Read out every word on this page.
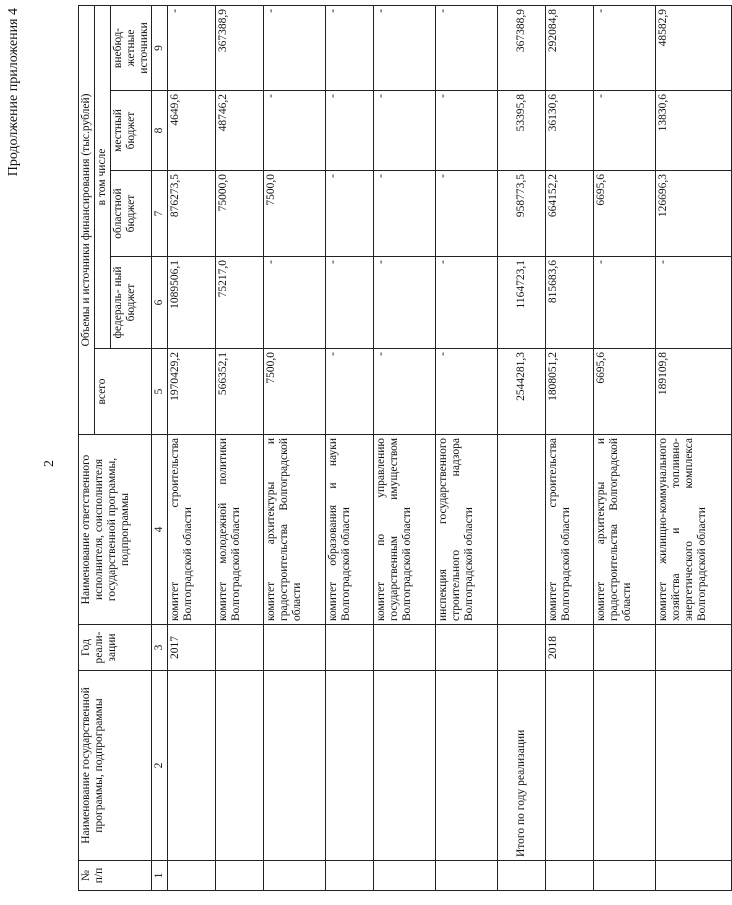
2
Продолжение приложения 4
№ п/п	Наименование государственной программы, подпрограммы	Год реали- зации	Наименование ответственного исполнителя, соисполнителя государственной программы, подпрограммы	Объемы и источники финансирования (тыс.рублей)				
				всего	в том числе			
					федераль- ный бюджет	областной бюджет	местный бюджет	внебюд- жетные источники
1	2	3	4	5	6	7	8	9
		2017	комитет строительства Волгоградской области	1970429,2	1089506,1	876273,5	4649,6	-
			комитет молодежной политики Волгоградской области	566352,1	75217,0	75000,0	48746,2	367388,9
			комитет архитектуры и градостроительства Волгоградской области	7500,0	-	7500,0	-	-
			комитет образования и науки Волгоградской области	-	-	-	-	-
			комитет по управлению государственным имуществом Волгоградской области	-	-	-	-	-
			инспекция государственного строительного надзора Волгоградской области	-	-	-	-	-
	Итого по году реализации			2544281,3	1164723,1	958773,5	53395,8	367388,9
		2018	комитет строительства Волгоградской области	1808051,2	815683,6	664152,2	36130,6	292084,8
			комитет архитектуры и градостроительства Волгоградской области	6695,6	-	6695,6	-	-
			комитет жилищно-коммунального хозяйства и топливно-энергетического комплекса Волгоградской области	189109,8	-	126696,3	13830,6	48582,9
